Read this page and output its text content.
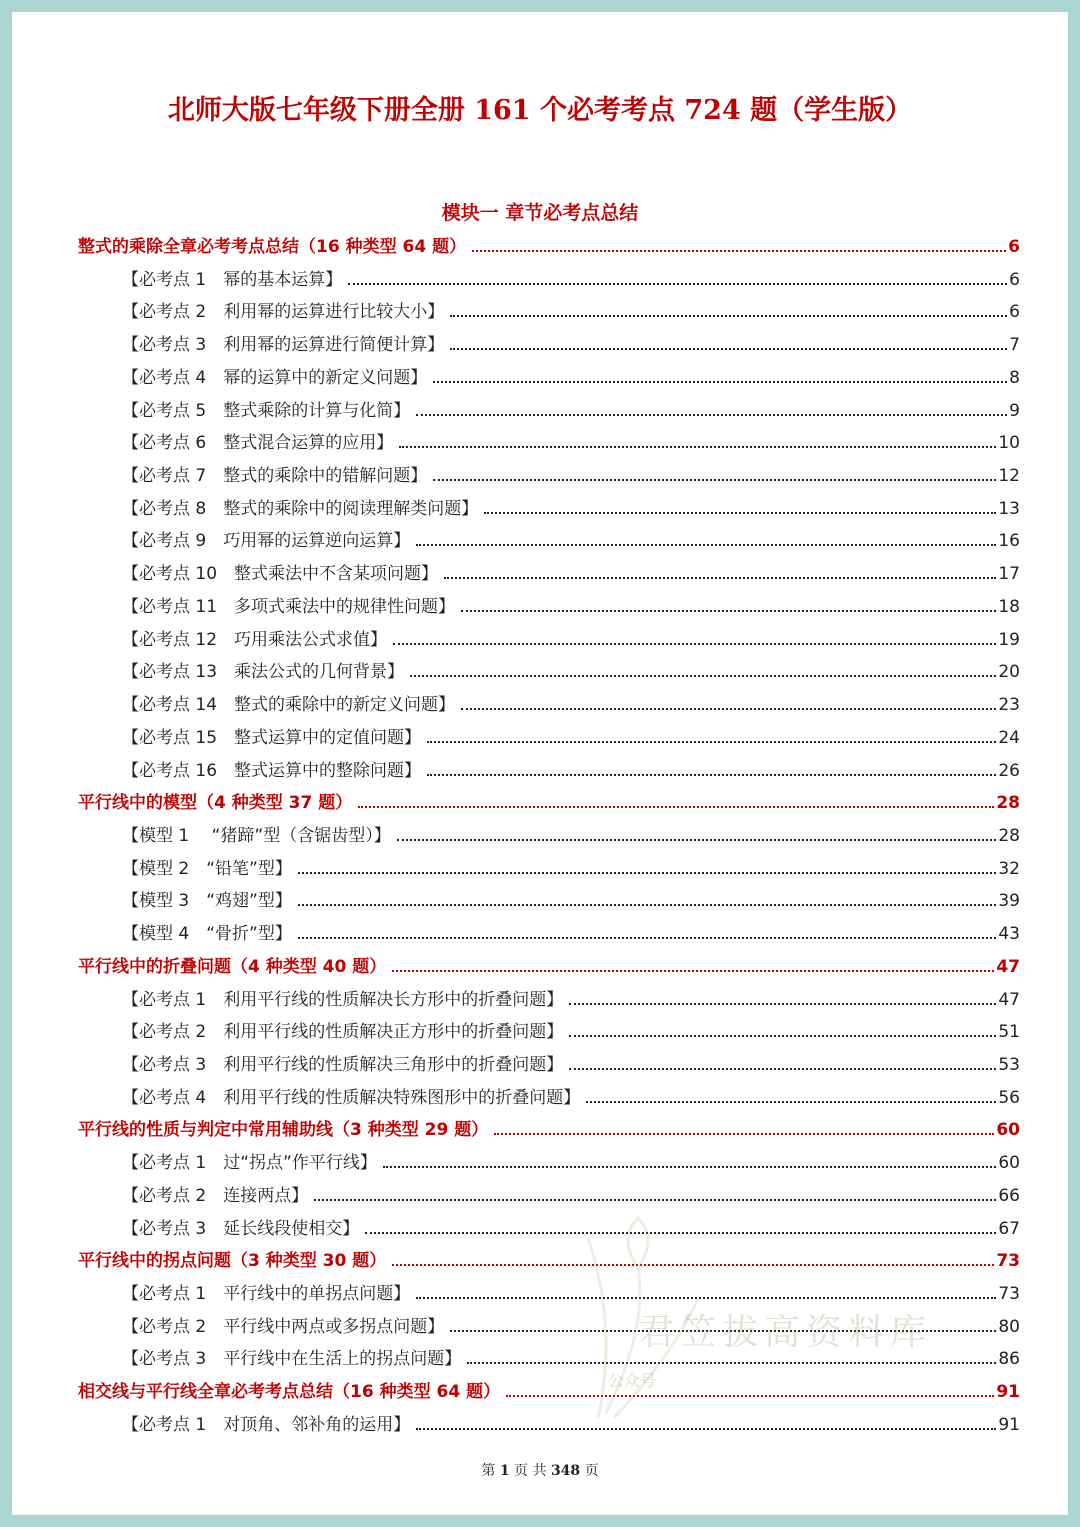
北师大版七年级下册全册 161 个必考考点 724 题（学生版）
模块一 章节必考点总结
整式的乘除全章必考考点总结（16 种类型 64 题）	6
【必考点 1　幂的基本运算】	6
【必考点 2　利用幂的运算进行比较大小】	6
【必考点 3　利用幂的运算进行简便计算】	7
【必考点 4　幂的运算中的新定义问题】	8
【必考点 5　整式乘除的计算与化简】	9
【必考点 6　整式混合运算的应用】	10
【必考点 7　整式的乘除中的错解问题】	12
【必考点 8　整式的乘除中的阅读理解类问题】	13
【必考点 9　巧用幂的运算逆向运算】	16
【必考点 10　整式乘法中不含某项问题】	17
【必考点 11　多项式乘法中的规律性问题】	18
【必考点 12　巧用乘法公式求值】	19
【必考点 13　乘法公式的几何背景】	20
【必考点 14　整式的乘除中的新定义问题】	23
【必考点 15　整式运算中的定值问题】	24
【必考点 16　整式运算中的整除问题】	26
平行线中的模型（4 种类型 37 题）	28
【模型 1　 “猪蹄”型（含锯齿型）】	28
【模型 2　“铅笔”型】	32
【模型 3　“鸡翅”型】	39
【模型 4　“骨折”型】	43
平行线中的折叠问题（4 种类型 40 题）	47
【必考点 1　利用平行线的性质解决长方形中的折叠问题】	47
【必考点 2　利用平行线的性质解决正方形中的折叠问题】	51
【必考点 3　利用平行线的性质解决三角形中的折叠问题】	53
【必考点 4　利用平行线的性质解决特殊图形中的折叠问题】	56
平行线的性质与判定中常用辅助线（3 种类型 29 题）	60
【必考点 1　过“拐点”作平行线】	60
【必考点 2　连接两点】	66
【必考点 3　延长线段使相交】	67
平行线中的拐点问题（3 种类型 30 题）	73
【必考点 1　平行线中的单拐点问题】	73
【必考点 2　平行线中两点或多拐点问题】	80
【必考点 3　平行线中在生活上的拐点问题】	86
相交线与平行线全章必考考点总结（16 种类型 64 题）	91
【必考点 1　对顶角、邻补角的运用】	91
君笠拔高资料库
公众号
第 1 页 共 348 页
